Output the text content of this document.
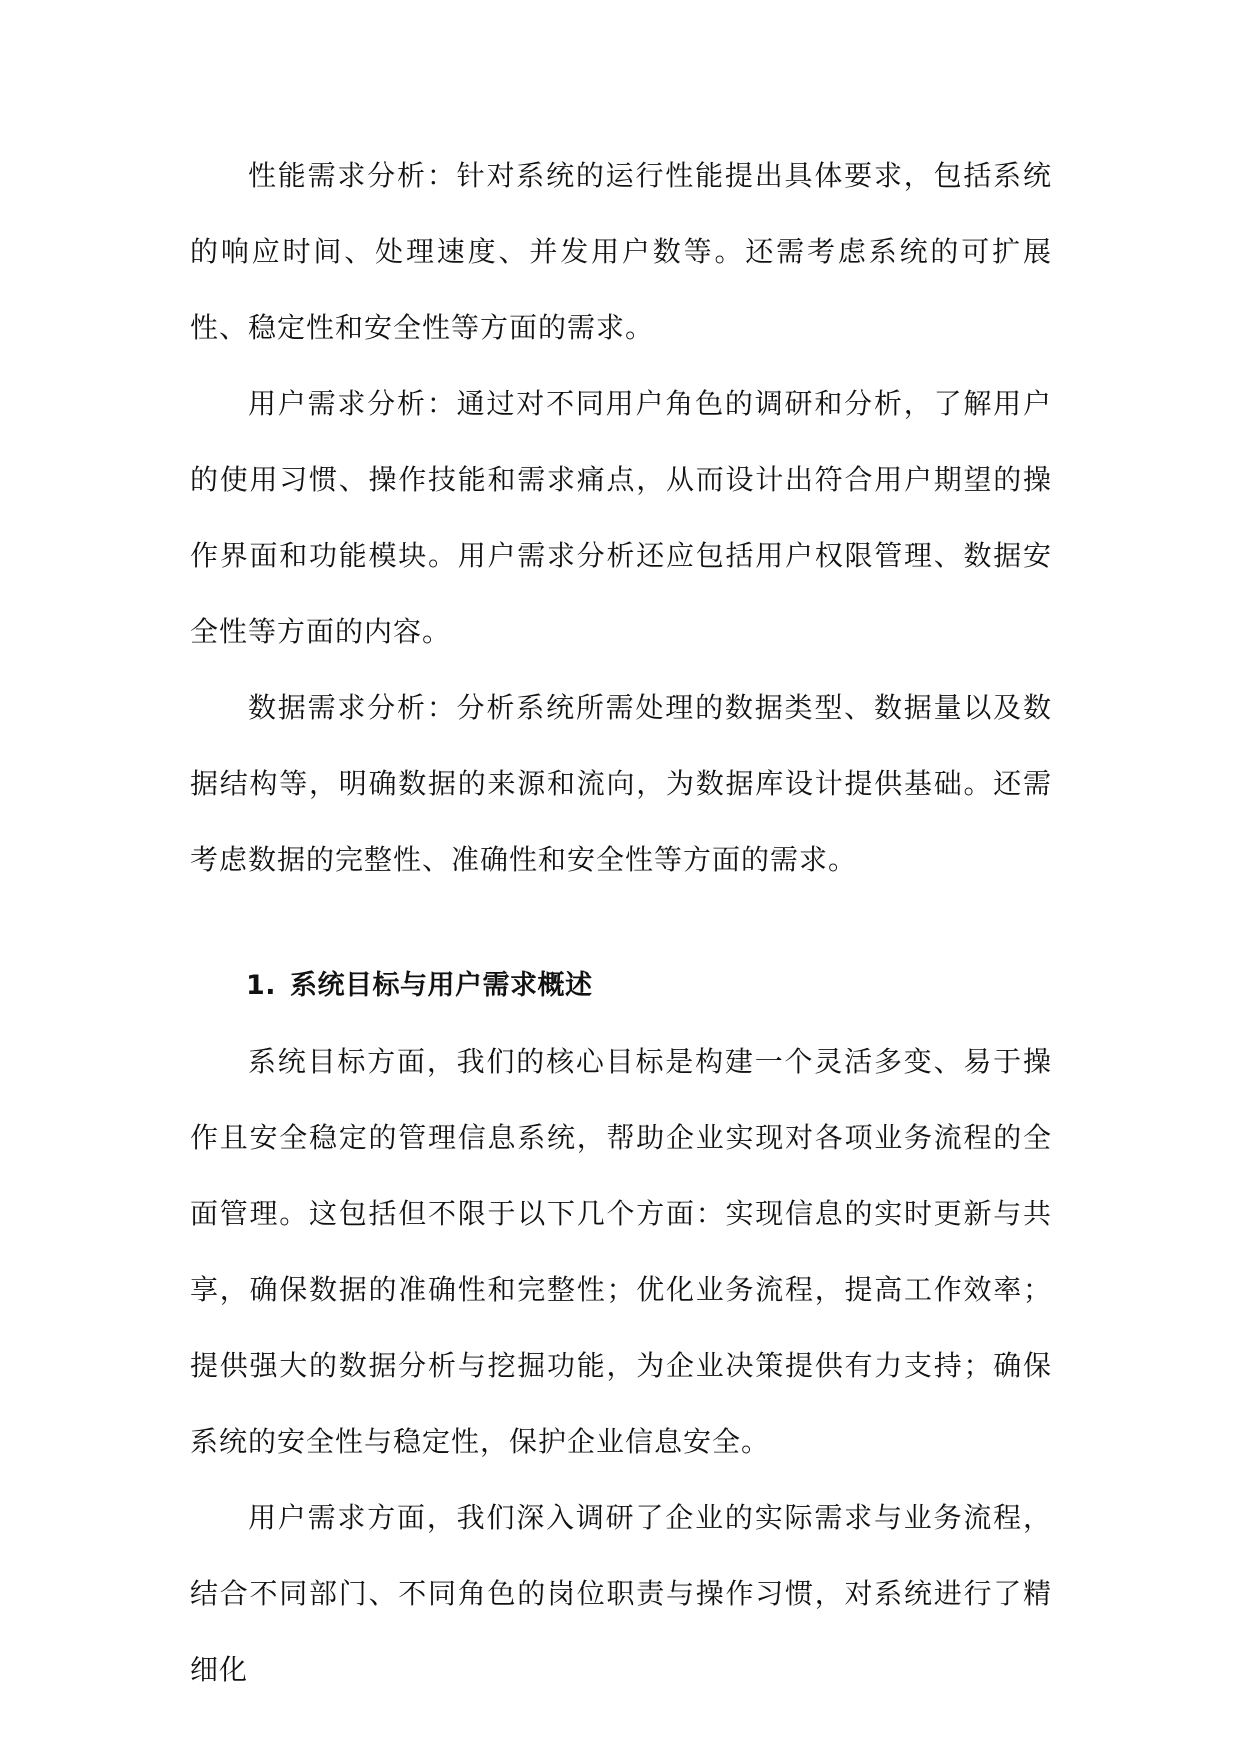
性能需求分析：针对系统的运行性能提出具体要求，包括系统的响应时间、处理速度、并发用户数等。还需考虑系统的可扩展性、稳定性和安全性等方面的需求。

用户需求分析：通过对不同用户角色的调研和分析，了解用户的使用习惯、操作技能和需求痛点，从而设计出符合用户期望的操作界面和功能模块。用户需求分析还应包括用户权限管理、数据安全性等方面的内容。

数据需求分析：分析系统所需处理的数据类型、数据量以及数据结构等，明确数据的来源和流向，为数据库设计提供基础。还需考虑数据的完整性、准确性和安全性等方面的需求。

1. 系统目标与用户需求概述

系统目标方面，我们的核心目标是构建一个灵活多变、易于操作且安全稳定的管理信息系统，帮助企业实现对各项业务流程的全面管理。这包括但不限于以下几个方面：实现信息的实时更新与共享，确保数据的准确性和完整性；优化业务流程，提高工作效率；提供强大的数据分析与挖掘功能，为企业决策提供有力支持；确保系统的安全性与稳定性，保护企业信息安全。

用户需求方面，我们深入调研了企业的实际需求与业务流程，结合不同部门、不同角色的岗位职责与操作习惯，对系统进行了精细化
